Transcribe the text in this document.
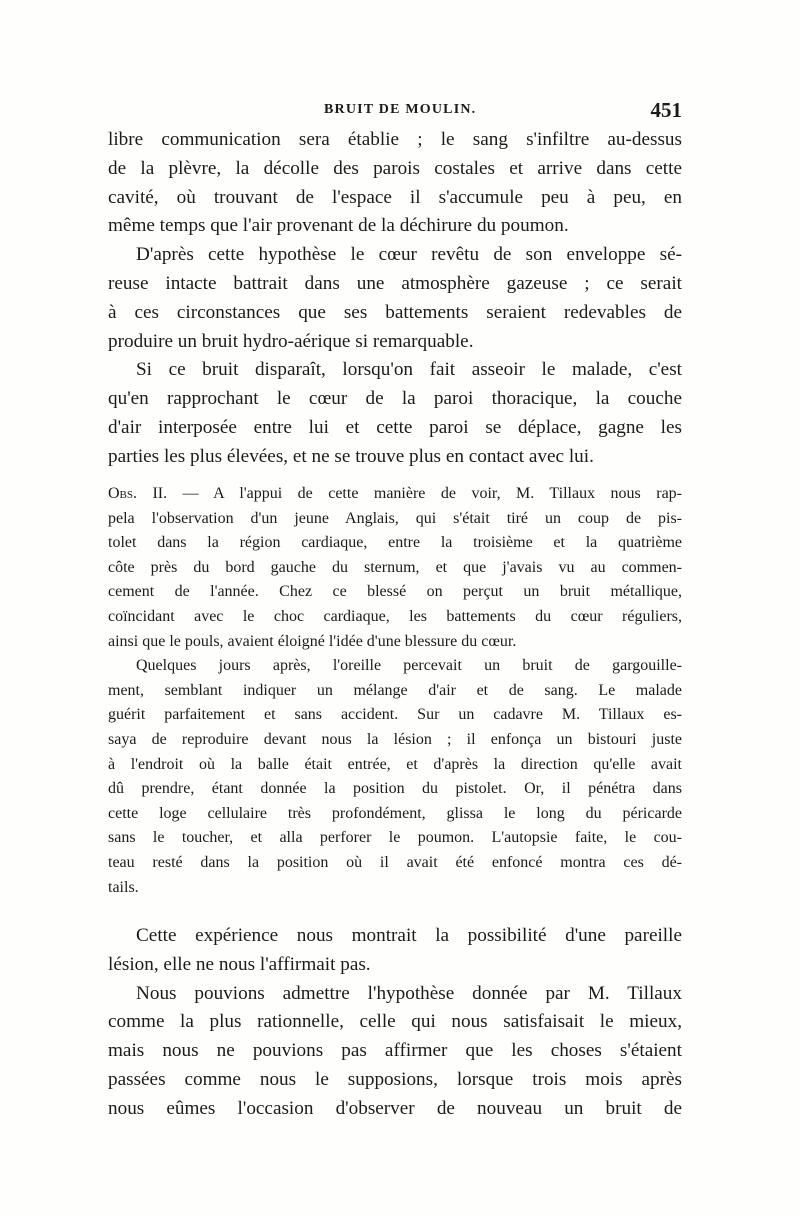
BRUIT DE MOULIN.	451
libre communication sera établie ; le sang s'infiltre au-dessus
de la plèvre, la décolle des parois costales et arrive dans cette
cavité, où trouvant de l'espace il s'accumule peu à peu, en
même temps que l'air provenant de la déchirure du poumon.
D'après cette hypothèse le cœur revêtu de son enveloppe sé-
reuse intacte battrait dans une atmosphère gazeuse ; ce serait
à ces circonstances que ses battements seraient redevables de
produire un bruit hydro-aérique si remarquable.
Si ce bruit disparaît, lorsqu'on fait asseoir le malade, c'est
qu'en rapprochant le cœur de la paroi thoracique, la couche
d'air interposée entre lui et cette paroi se déplace, gagne les
parties les plus élevées, et ne se trouve plus en contact avec lui.
Obs. II. — A l'appui de cette manière de voir, M. Tillaux nous rap-
pela l'observation d'un jeune Anglais, qui s'était tiré un coup de pis-
tolet dans la région cardiaque, entre la troisième et la quatrième
côte près du bord gauche du sternum, et que j'avais vu au commen-
cement de l'année. Chez ce blessé on perçut un bruit métallique,
coïncidant avec le choc cardiaque, les battements du cœur réguliers,
ainsi que le pouls, avaient éloigné l'idée d'une blessure du cœur.
Quelques jours après, l'oreille percevait un bruit de gargouille-
ment, semblant indiquer un mélange d'air et de sang. Le malade
guérit parfaitement et sans accident. Sur un cadavre M. Tillaux es-
saya de reproduire devant nous la lésion ; il enfonça un bistouri juste
à l'endroit où la balle était entrée, et d'après la direction qu'elle avait
dû prendre, étant donnée la position du pistolet. Or, il pénétra dans
cette loge cellulaire très profondément, glissa le long du péricarde
sans le toucher, et alla perforer le poumon. L'autopsie faite, le cou-
teau resté dans la position où il avait été enfoncé montra ces dé-
tails.
Cette expérience nous montrait la possibilité d'une pareille
lésion, elle ne nous l'affirmait pas.
Nous pouvions admettre l'hypothèse donnée par M. Tillaux
comme la plus rationnelle, celle qui nous satisfaisait le mieux,
mais nous ne pouvions pas affirmer que les choses s'étaient
passées comme nous le supposions, lorsque trois mois après
nous eûmes l'occasion d'observer de nouveau un bruit de
